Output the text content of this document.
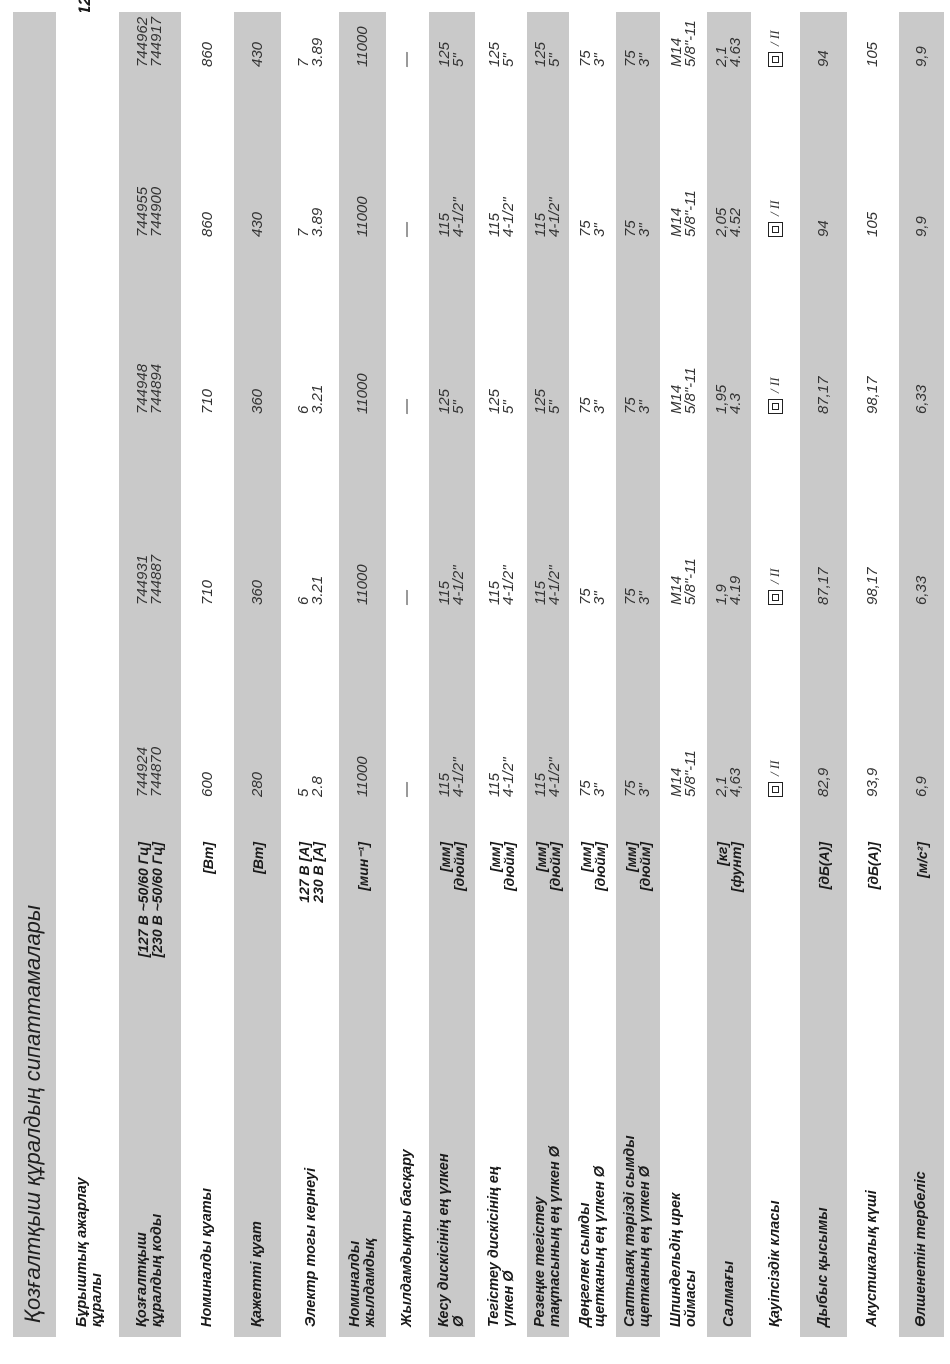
Қозғалтқыш құралдың сипаттамалары	Бұрыштық ажарлау
құралы	Қозғалтқыш
құралдың коды
[127 В ~50/60 Гц]
[230 В ~50/60 Гц]
744924
744870
744931
744887
744948
744894
744955
744900
744962
744917
Номиналды қуаты
[Вт]
600
710
710
860
860
Қажетті қуат
[Вт]
280
360
360
430
430
Электр тогы кернеуі
127 В [А]
230 В [А]
5
2.8
6
3.21
6
3.21
7
3.89
7
3.89
Номиналды
жылдамдық
[мин⁻¹]
11000
11000
11000
11000
11000
Жылдамдықты басқару
—
—
—
—
—
Кесу дискісінің ең үлкен
Ø
[мм]
[дюйм]
115
4-1/2"
115
4-1/2"
125
5"
115
4-1/2"
125
5"
Тегістеу дискісінің ең
үлкен Ø
[мм]
[дюйм]
115
4-1/2"
115
4-1/2"
125
5"
115
4-1/2"
125
5"
Резеңке тегістеу
тақтасының ең үлкен Ø
[мм]
[дюйм]
115
4-1/2"
115
4-1/2"
125
5"
115
4-1/2"
125
5"
Дөңгелек сымды
щетканың ең үлкен Ø
[мм]
[дюйм]
75
3"
75
3"
75
3"
75
3"
75
3"
Саптыаяқ тәрізді сымды
щетканың ең үлкен Ø
[мм]
[дюйм]
75
3"
75
3"
75
3"
75
3"
75
3"
Шпиндельдің ирек
оймасы
M14
5/8"-11
M14
5/8"-11
M14
5/8"-11
M14
5/8"-11
M14
5/8"-11
Салмағы
[кг]
[фунт]
2,1
4,63
1,9
4.19
1,95
4.3
2,05
4.52
2,1
4.63
Қауіпсіздік класы
/ II
/ II
/ II
/ II
/ II
Дыбыс қысымы
[дБ(A)]
82,9
87,17
87,17
94
94
Акустикалық күші
[дБ(A)]
93,9
98,17
98,17
105
105
Өлшенетін тербеліс
[м/с²]
6,9
6,33
6,33
9,9
9,9
